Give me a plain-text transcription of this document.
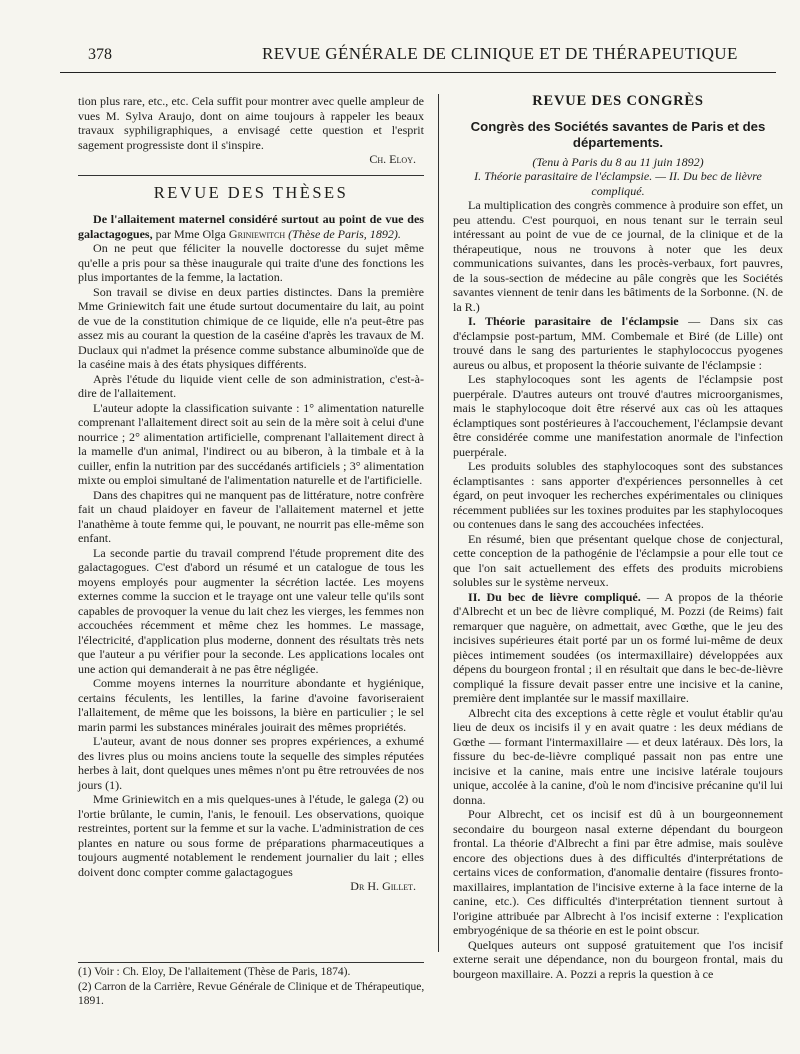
378	REVUE GÉNÉRALE DE CLINIQUE ET DE THÉRAPEUTIQUE

tion plus rare, etc., etc. Cela suffit pour montrer avec quelle ampleur de vues M. Sylva Araujo, dont on aime toujours à rappeler les beaux travaux syphiligraphiques, a envisagé cette question et l'esprit sagement progressiste dont il s'inspire.

Ch. Eloy.

REVUE DES THÈSES

De l'allaitement maternel considéré surtout au point de vue des galactagogues, par Mme Olga Griniewitch (Thèse de Paris, 1892).

On ne peut que féliciter la nouvelle doctoresse du sujet même qu'elle a pris pour sa thèse inaugurale qui traite d'une des fonctions les plus importantes de la femme, la lactation.

Son travail se divise en deux parties distinctes. Dans la première Mme Griniewitch fait une étude surtout documentaire du lait, au point de vue de la constitution chimique de ce liquide, elle n'a peut-être pas assez mis au courant la question de la caséine d'après les travaux de M. Duclaux qui n'admet la présence comme substance albuminoïde que de la caséine mais à des états physiques différents.

Après l'étude du liquide vient celle de son administration, c'est-à-dire de l'allaitement.

L'auteur adopte la classification suivante : 1° alimentation naturelle comprenant l'allaitement direct soit au sein de la mère soit à celui d'une nourrice ; 2° alimentation artificielle, comprenant l'allaitement direct à la mamelle d'un animal, l'indirect ou au biberon, à la timbale et à la cuiller, enfin la nutrition par des succédanés artificiels ; 3° alimentation mixte ou emploi simultané de l'alimentation naturelle et de l'artificielle.

Dans des chapitres qui ne manquent pas de littérature, notre confrère fait un chaud plaidoyer en faveur de l'allaitement maternel et jette l'anathème à toute femme qui, le pouvant, ne nourrit pas elle-même son enfant.

La seconde partie du travail comprend l'étude proprement dite des galactagogues. C'est d'abord un résumé et un catalogue de tous les moyens employés pour augmenter la sécrétion lactée. Les moyens externes comme la succion et le trayage ont une valeur telle qu'ils sont capables de provoquer la venue du lait chez les vierges, les femmes non accouchées récemment et même chez les hommes. Le massage, l'électricité, d'application plus moderne, donnent des résultats très nets que l'auteur a pu vérifier pour la seconde. Les applications locales ont une action qui demanderait à ne pas être négligée.

Comme moyens internes la nourriture abondante et hygiénique, certains féculents, les lentilles, la farine d'avoine favoriseraient l'allaitement, de même que les boissons, la bière en particulier ; le sel marin parmi les substances minérales jouirait des mêmes propriétés.

L'auteur, avant de nous donner ses propres expériences, a exhumé des livres plus ou moins anciens toute la sequelle des simples réputées herbes à lait, dont quelques unes mêmes n'ont pu être retrouvées de nos jours (1).

Mme Griniewitch en a mis quelques-unes à l'étude, le galega (2) ou l'ortie brûlante, le cumin, l'anis, le fenouil. Les observations, quoique restreintes, portent sur la femme et sur la vache. L'administration de ces plantes en nature ou sous forme de préparations pharmaceutiques a toujours augmenté notablement le rendement journalier du lait ; elles doivent donc compter comme galactagogues

Dr H. Gillet.

(1) Voir : Ch. Eloy, De l'allaitement (Thèse de Paris, 1874).

(2) Carron de la Carrière, Revue Générale de Clinique et de Thérapeutique, 1891.

REVUE DES CONGRÈS
Congrès des Sociétés savantes de Paris et des départements.

(Tenu à Paris du 8 au 11 juin 1892)

I. Théorie parasitaire de l'éclampsie. — II. Du bec de lièvre compliqué.

La multiplication des congrès commence à produire son effet, un peu attendu. C'est pourquoi, en nous tenant sur le terrain seul intéressant au point de vue de ce journal, de la clinique et de la thérapeutique, nous ne trouvons à noter que les deux communications suivantes, dans les procès-verbaux, fort pauvres, de la sous-section de médecine au pâle congrès que les Sociétés savantes viennent de tenir dans les bâtiments de la Sorbonne. (N. de la R.)

I. Théorie parasitaire de l'éclampsie — Dans six cas d'éclampsie post-partum, MM. Combemale et Biré (de Lille) ont trouvé dans le sang des parturientes le staphylococcus pyogenes aureus ou albus, et proposent la théorie suivante de l'éclampsie :

Les staphylocoques sont les agents de l'éclampsie post puerpérale. D'autres auteurs ont trouvé d'autres microorganismes, mais le staphylocoque doit être réservé aux cas où les attaques éclamptiques sont postérieures à l'accouchement, l'éclampsie devant être considérée comme une manifestation anormale de l'infection puerpérale.

Les produits solubles des staphylocoques sont des substances éclamptisantes : sans apporter d'expériences personnelles à cet égard, on peut invoquer les recherches expérimentales ou cliniques récemment publiées sur les toxines produites par les staphylocoques ou contenues dans le sang des accouchées infectées.

En résumé, bien que présentant quelque chose de conjectural, cette conception de la pathogénie de l'éclampsie a pour elle tout ce que l'on sait actuellement des effets des produits microbiens solubles sur le système nerveux.

II. Du bec de lièvre compliqué. — A propos de la théorie d'Albrecht et un bec de lièvre compliqué, M. Pozzi (de Reims) fait remarquer que naguère, on admettait, avec Gœthe, que le jeu des incisives supérieures était porté par un os formé lui-même de deux pièces intimement soudées (os intermaxillaire) développées aux dépens du bourgeon frontal ; il en résultait que dans le bec-de-lièvre compliqué la fissure devait passer entre une incisive et la canine, première dent implantée sur le massif maxillaire.

Albrecht cita des exceptions à cette règle et voulut établir qu'au lieu de deux os incisifs il y en avait quatre : les deux médians de Gœthe — formant l'intermaxillaire — et deux latéraux. Dès lors, la fissure du bec-de-lièvre compliqué passait non pas entre une incisive et la canine, mais entre une incisive latérale toujours unique, accolée à la canine, d'où le nom d'incisive précanine qu'il lui donna.

Pour Albrecht, cet os incisif est dû à un bourgeonnement secondaire du bourgeon nasal externe dépendant du bourgeon frontal. La théorie d'Albrecht a fini par être admise, mais soulève encore des objections dues à des difficultés d'interprétations de certains vices de conformation, d'anomalie dentaire (fissures fronto-maxillaires, implantation de l'incisive externe à la face interne de la canine, etc.). Ces difficultés d'interprétation tiennent surtout à l'origine attribuée par Albrecht à l'os incisif externe : l'explication embryogénique de sa théorie en est le point obscur.

Quelques auteurs ont supposé gratuitement que l'os incisif externe serait une dépendance, non du bourgeon frontal, mais du bourgeon maxillaire. A. Pozzi a repris la question à ce
